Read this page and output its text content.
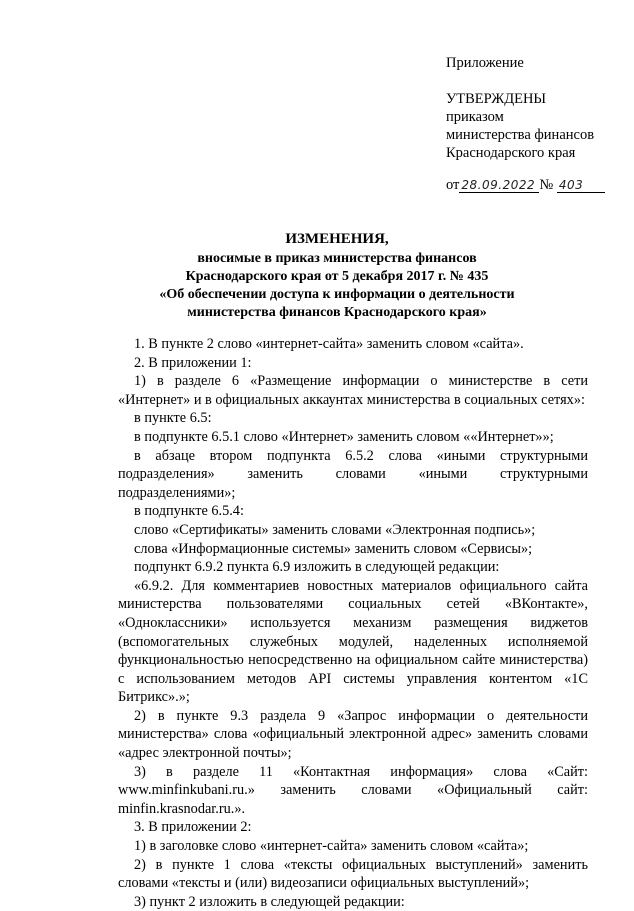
Приложение
УТВЕРЖДЕНЫ
приказом
министерства финансов
Краснодарского края
от 28.09.2022 № 403
ИЗМЕНЕНИЯ,
вносимые в приказ министерства финансов
Краснодарского края от 5 декабря 2017 г. № 435
«Об обеспечении доступа к информации о деятельности
министерства финансов Краснодарского края»

1. В пункте 2 слово «интернет-сайта» заменить словом «сайта».

2. В приложении 1:

1) в разделе 6 «Размещение информации о министерстве в сети «Интернет» и в официальных аккаунтах министерства в социальных сетях»:

в пункте 6.5:

в подпункте 6.5.1 слово «Интернет» заменить словом ««Интернет»»;

в абзаце втором подпункта 6.5.2 слова «иными структурными подразделения» заменить словами «иными структурными подразделениями»;

в подпункте 6.5.4:

слово «Сертификаты» заменить словами «Электронная подпись»;

слова «Информационные системы» заменить словом «Сервисы»;

подпункт 6.9.2 пункта 6.9 изложить в следующей редакции:

«6.9.2. Для комментариев новостных материалов официального сайта министерства пользователями социальных сетей «ВКонтакте», «Одноклассники» используется механизм размещения виджетов (вспомогательных служебных модулей, наделенных исполняемой функциональностью непосредственно на официальном сайте министерства) с использованием методов API системы управления контентом «1С Битрикс».»;

2) в пункте 9.3 раздела 9 «Запрос информации о деятельности министерства» слова «официальный электронной адрес» заменить словами «адрес электронной почты»;

3) в разделе 11 «Контактная информация» слова «Сайт: www.minfinkubani.ru.» заменить словами «Официальный сайт: minfin.krasnodar.ru.».

3. В приложении 2:

1) в заголовке слово «интернет-сайта» заменить словом «сайта»;

2) в пункте 1 слова «тексты официальных выступлений» заменить словами «тексты и (или) видеозаписи официальных выступлений»;

3) пункт 2 изложить в следующей редакции:
